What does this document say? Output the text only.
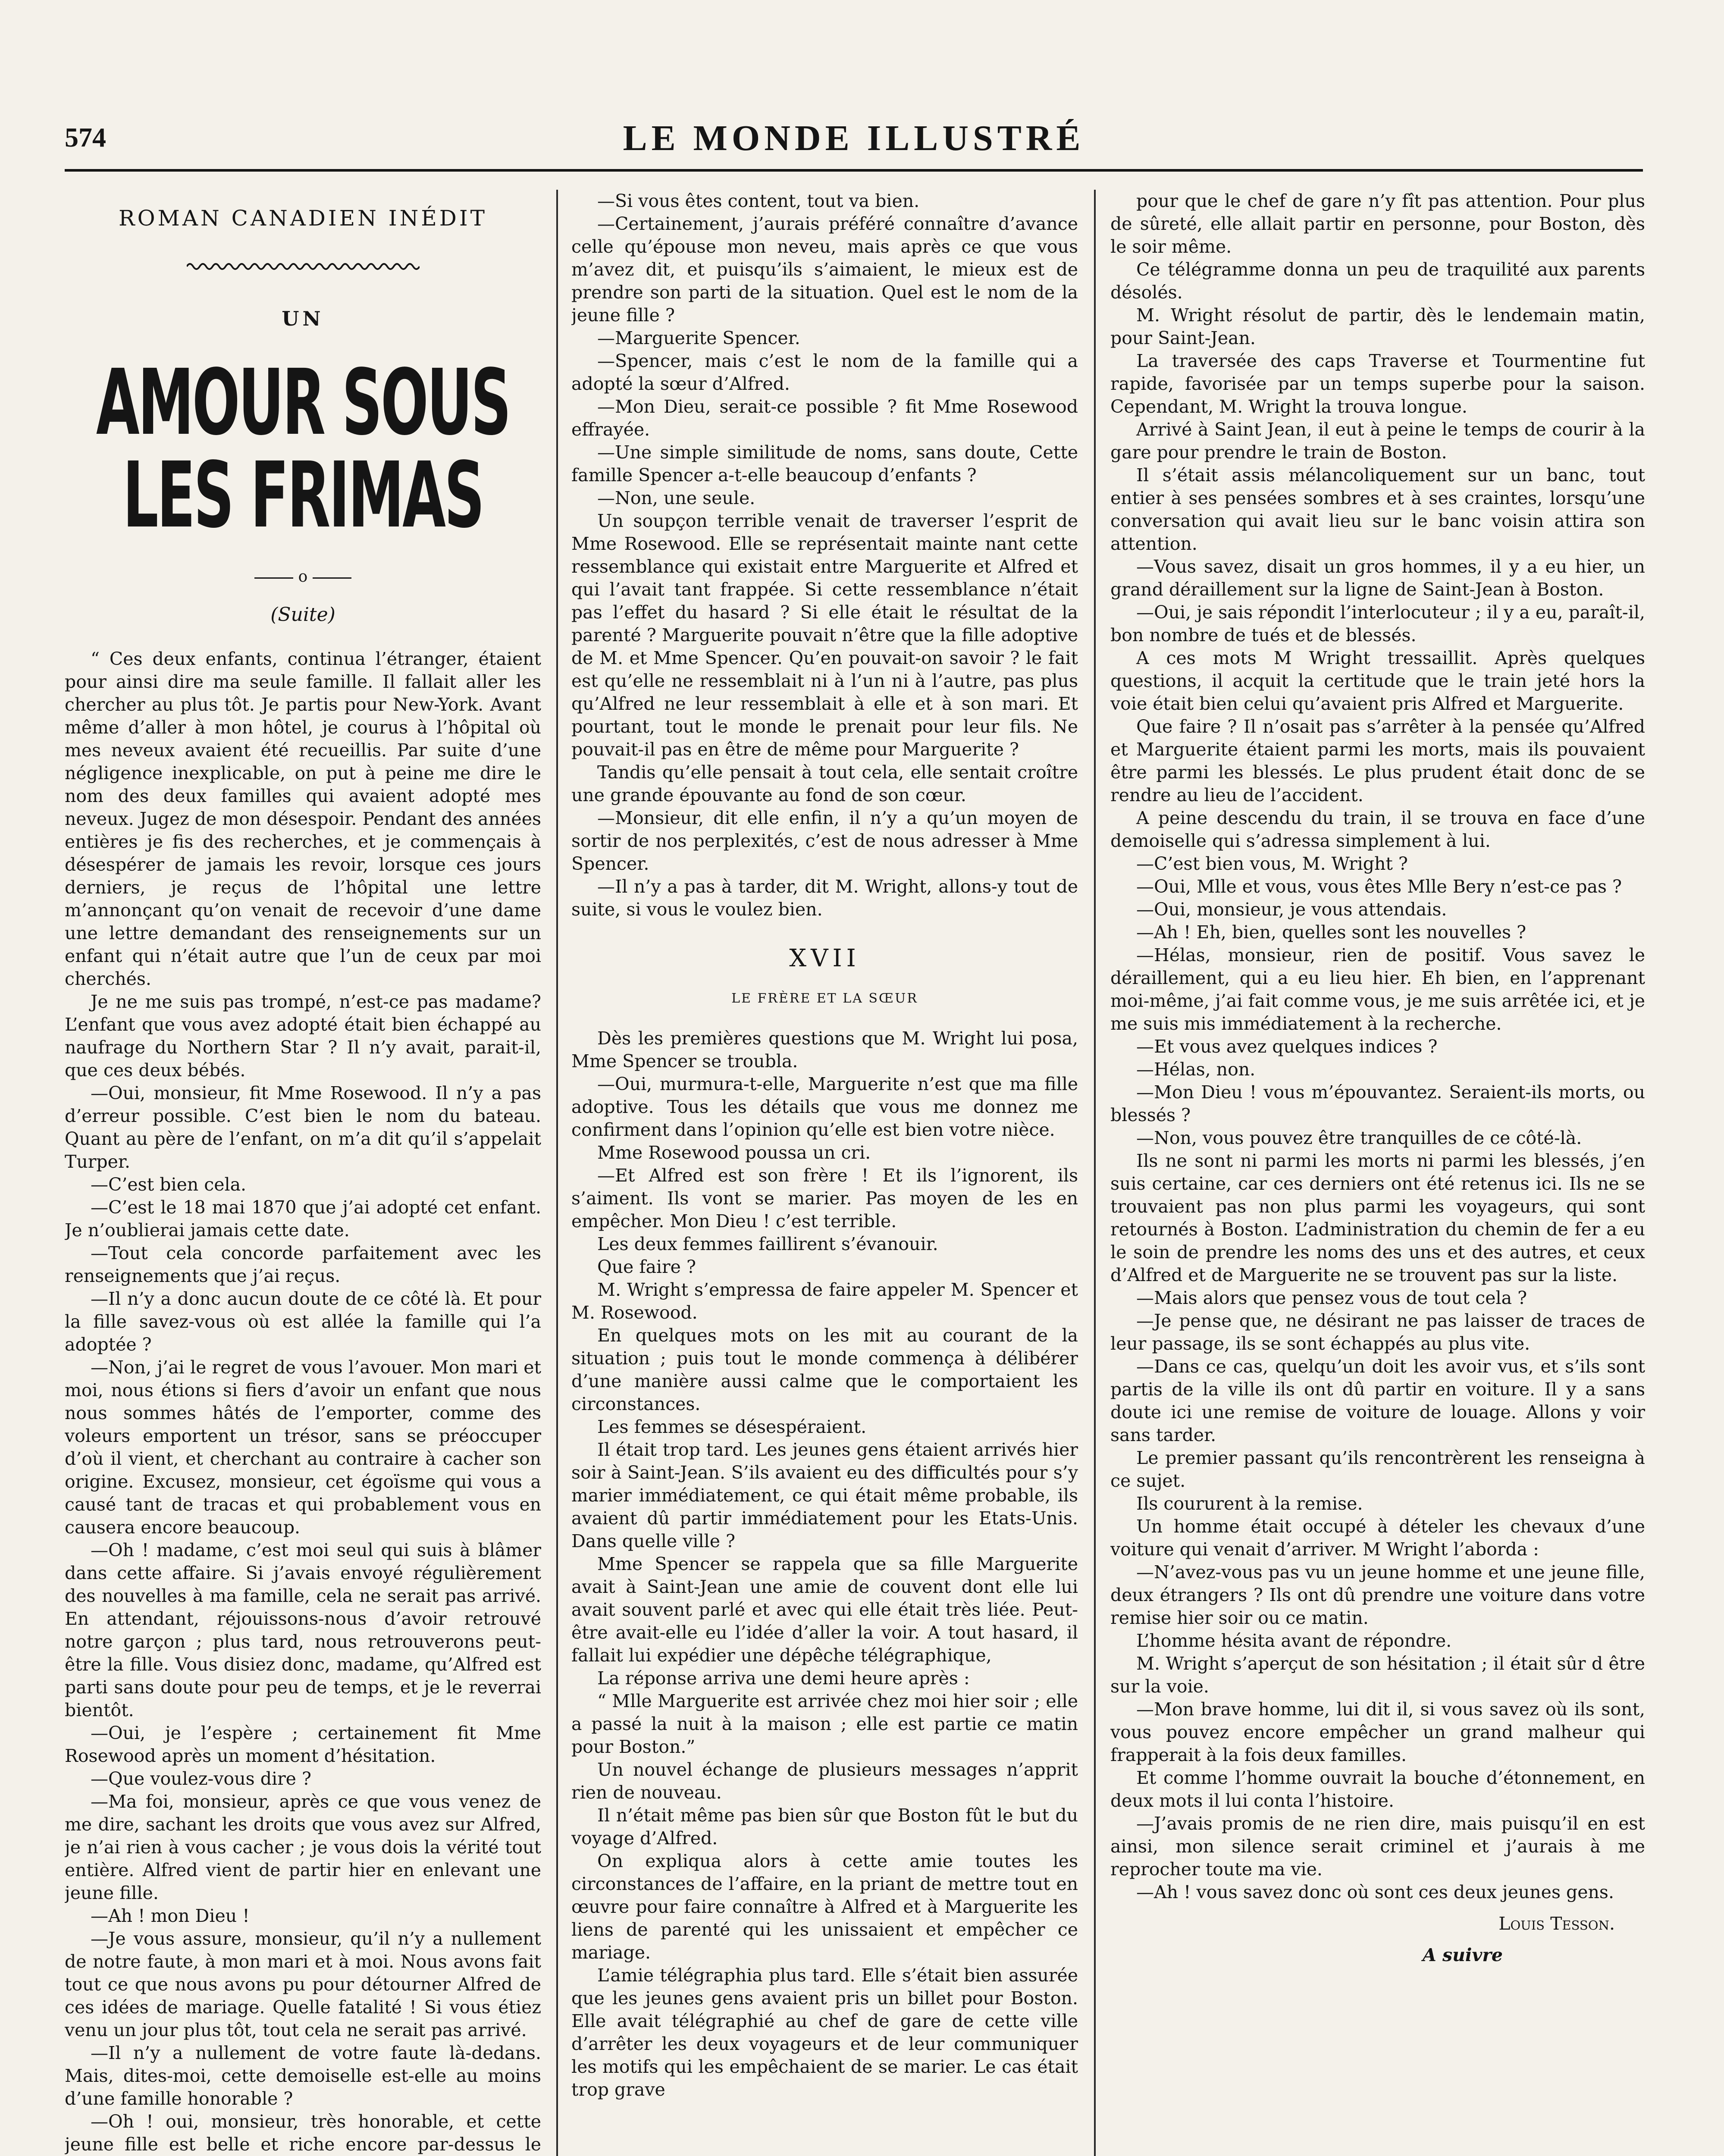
574	LE MONDE ILLUSTRÉ

ROMAN CANADIEN INÉDIT

UN

AMOUR SOUS LES FRIMAS

o

(Suite)

“ Ces deux enfants, continua l’étranger, étaient pour ainsi dire ma seule famille. Il fallait aller les chercher au plus tôt. Je partis pour New-York. Avant même d’aller à mon hôtel, je courus à l’hôpital où mes neveux avaient été recueillis. Par suite d’une négligence inexplicable, on put à peine me dire le nom des deux familles qui avaient adopté mes neveux. Jugez de mon désespoir. Pendant des années entières je fis des recherches, et je commençais à désespérer de jamais les revoir, lorsque ces jours derniers, je reçus de l’hôpital une lettre m’annonçant qu’on venait de recevoir d’une dame une lettre demandant des renseignements sur un enfant qui n’était autre que l’un de ceux par moi cherchés.

Je ne me suis pas trompé, n’est-ce pas madame? L’enfant que vous avez adopté était bien échappé au naufrage du Northern Star ? Il n’y avait, parait-il, que ces deux bébés.

—Oui, monsieur, fit Mme Rosewood. Il n’y a pas d’erreur possible. C’est bien le nom du bateau. Quant au père de l’enfant, on m’a dit qu’il s’appelait Turper.

—C’est bien cela.

—C’est le 18 mai 1870 que j’ai adopté cet enfant. Je n’oublierai jamais cette date.

—Tout cela concorde parfaitement avec les renseignements que j’ai reçus.

—Il n’y a donc aucun doute de ce côté là. Et pour la fille savez-vous où est allée la famille qui l’a adoptée ?

—Non, j’ai le regret de vous l’avouer. Mon mari et moi, nous étions si fiers d’avoir un enfant que nous nous sommes hâtés de l’emporter, comme des voleurs emportent un trésor, sans se préoccuper d’où il vient, et cherchant au contraire à cacher son origine. Excusez, monsieur, cet égoïsme qui vous a causé tant de tracas et qui probablement vous en causera encore beaucoup.

—Oh ! madame, c’est moi seul qui suis à blâmer dans cette affaire. Si j’avais envoyé régulièrement des nouvelles à ma famille, cela ne serait pas arrivé. En attendant, réjouissons-nous d’avoir retrouvé notre garçon ; plus tard, nous retrouverons peut-être la fille. Vous disiez donc, madame, qu’Alfred est parti sans doute pour peu de temps, et je le reverrai bientôt.

—Oui, je l’espère ; certainement fit Mme Rosewood après un moment d’hésitation.

—Que voulez-vous dire ?

—Ma foi, monsieur, après ce que vous venez de me dire, sachant les droits que vous avez sur Alfred, je n’ai rien à vous cacher ; je vous dois la vérité tout entière. Alfred vient de partir hier en enlevant une jeune fille.

—Ah ! mon Dieu !

—Je vous assure, monsieur, qu’il n’y a nullement de notre faute, à mon mari et à moi. Nous avons fait tout ce que nous avons pu pour détourner Alfred de ces idées de mariage. Quelle fatalité ! Si vous étiez venu un jour plus tôt, tout cela ne serait pas arrivé.

—Il n’y a nullement de votre faute là-dedans. Mais, dites-moi, cette demoiselle est-elle au moins d’une famille honorable ?

—Oh ! oui, monsieur, très honorable, et cette jeune fille est belle et riche encore par-dessus le

—Si vous êtes content, tout va bien.

—Certainement, j’aurais préféré connaître d’avance celle qu’épouse mon neveu, mais après ce que vous m’avez dit, et puisqu’ils s’aimaient, le mieux est de prendre son parti de la situation. Quel est le nom de la jeune fille ?

—Marguerite Spencer.

—Spencer, mais c’est le nom de la famille qui a adopté la sœur d’Alfred.

—Mon Dieu, serait-ce possible ? fit Mme Rosewood effrayée.

—Une simple similitude de noms, sans doute, Cette famille Spencer a-t-elle beaucoup d’enfants ?

—Non, une seule.

Un soupçon terrible venait de traverser l’esprit de Mme Rosewood. Elle se représentait mainte nant cette ressemblance qui existait entre Marguerite et Alfred et qui l’avait tant frappée. Si cette ressemblance n’était pas l’effet du hasard ? Si elle était le résultat de la parenté ? Marguerite pouvait n’être que la fille adoptive de M. et Mme Spencer. Qu’en pouvait-on savoir ? le fait est qu’elle ne ressemblait ni à l’un ni à l’autre, pas plus qu’Alfred ne leur ressemblait à elle et à son mari. Et pourtant, tout le monde le prenait pour leur fils. Ne pouvait-il pas en être de même pour Marguerite ?

Tandis qu’elle pensait à tout cela, elle sentait croître une grande épouvante au fond de son cœur.

—Monsieur, dit elle enfin, il n’y a qu’un moyen de sortir de nos perplexités, c’est de nous adresser à Mme Spencer.

—Il n’y a pas à tarder, dit M. Wright, allons-y tout de suite, si vous le voulez bien.

XVII

LE FRÈRE ET LA SŒUR

Dès les premières questions que M. Wright lui posa, Mme Spencer se troubla.

—Oui, murmura-t-elle, Marguerite n’est que ma fille adoptive. Tous les détails que vous me donnez me confirment dans l’opinion qu’elle est bien votre nièce.

Mme Rosewood poussa un cri.

—Et Alfred est son frère ! Et ils l’ignorent, ils s’aiment. Ils vont se marier. Pas moyen de les en empêcher. Mon Dieu ! c’est terrible.

Les deux femmes faillirent s’évanouir.

Que faire ?

M. Wright s’empressa de faire appeler M. Spencer et M. Rosewood.

En quelques mots on les mit au courant de la situation ; puis tout le monde commença à délibérer d’une manière aussi calme que le comportaient les circonstances.

Les femmes se désespéraient.

Il était trop tard. Les jeunes gens étaient arrivés hier soir à Saint-Jean. S’ils avaient eu des difficultés pour s’y marier immédiatement, ce qui était même probable, ils avaient dû partir immédiatement pour les Etats-Unis. Dans quelle ville ?

Mme Spencer se rappela que sa fille Marguerite avait à Saint-Jean une amie de couvent dont elle lui avait souvent parlé et avec qui elle était très liée. Peut-être avait-elle eu l’idée d’aller la voir. A tout hasard, il fallait lui expédier une dépêche télégraphique,

La réponse arriva une demi heure après :

“ Mlle Marguerite est arrivée chez moi hier soir ; elle a passé la nuit à la maison ; elle est partie ce matin pour Boston.”

Un nouvel échange de plusieurs messages n’apprit rien de nouveau.

Il n’était même pas bien sûr que Boston fût le but du voyage d’Alfred.

On expliqua alors à cette amie toutes les circonstances de l’affaire, en la priant de mettre tout en œuvre pour faire connaître à Alfred et à Marguerite les liens de parenté qui les unissaient et empêcher ce mariage.

L’amie télégraphia plus tard. Elle s’était bien assurée que les jeunes gens avaient pris un billet pour Boston. Elle avait télégraphié au chef de gare de cette ville d’arrêter les deux voyageurs et de leur communiquer les motifs qui les empêchaient de se marier. Le cas était trop grave

pour que le chef de gare n’y fît pas attention. Pour plus de sûreté, elle allait partir en personne, pour Boston, dès le soir même.

Ce télégramme donna un peu de traquilité aux parents désolés.

M. Wright résolut de partir, dès le lendemain matin, pour Saint-Jean.

La traversée des caps Traverse et Tourmentine fut rapide, favorisée par un temps superbe pour la saison. Cependant, M. Wright la trouva longue.

Arrivé à Saint Jean, il eut à peine le temps de courir à la gare pour prendre le train de Boston.

Il s’était assis mélancoliquement sur un banc, tout entier à ses pensées sombres et à ses craintes, lorsqu’une conversation qui avait lieu sur le banc voisin attira son attention.

—Vous savez, disait un gros hommes, il y a eu hier, un grand déraillement sur la ligne de Saint-Jean à Boston.

—Oui, je sais répondit l’interlocuteur ; il y a eu, paraît-il, bon nombre de tués et de blessés.

A ces mots M Wright tressaillit. Après quelques questions, il acquit la certitude que le train jeté hors la voie était bien celui qu’avaient pris Alfred et Marguerite.

Que faire ? Il n’osait pas s’arrêter à la pensée qu’Alfred et Marguerite étaient parmi les morts, mais ils pouvaient être parmi les blessés. Le plus prudent était donc de se rendre au lieu de l’accident.

A peine descendu du train, il se trouva en face d’une demoiselle qui s’adressa simplement à lui.

—C’est bien vous, M. Wright ?

—Oui, Mlle et vous, vous êtes Mlle Bery n’est-ce pas ?

—Oui, monsieur, je vous attendais.

—Ah ! Eh, bien, quelles sont les nouvelles ?

—Hélas, monsieur, rien de positif. Vous savez le déraillement, qui a eu lieu hier. Eh bien, en l’apprenant moi-même, j’ai fait comme vous, je me suis arrêtée ici, et je me suis mis immédiatement à la recherche.

—Et vous avez quelques indices ?

—Hélas, non.

—Mon Dieu ! vous m’épouvantez. Seraient-ils morts, ou blessés ?

—Non, vous pouvez être tranquilles de ce côté-là.

Ils ne sont ni parmi les morts ni parmi les blessés, j’en suis certaine, car ces derniers ont été retenus ici. Ils ne se trouvaient pas non plus parmi les voyageurs, qui sont retournés à Boston. L’administration du chemin de fer a eu le soin de prendre les noms des uns et des autres, et ceux d’Alfred et de Marguerite ne se trouvent pas sur la liste.

—Mais alors que pensez vous de tout cela ?

—Je pense que, ne désirant ne pas laisser de traces de leur passage, ils se sont échappés au plus vite.

—Dans ce cas, quelqu’un doit les avoir vus, et s’ils sont partis de la ville ils ont dû partir en voiture. Il y a sans doute ici une remise de voiture de louage. Allons y voir sans tarder.

Le premier passant qu’ils rencontrèrent les renseigna à ce sujet.

Ils coururent à la remise.

Un homme était occupé à dételer les chevaux d’une voiture qui venait d’arriver. M Wright l’aborda :

—N’avez-vous pas vu un jeune homme et une jeune fille, deux étrangers ? Ils ont dû prendre une voiture dans votre remise hier soir ou ce matin.

L’homme hésita avant de répondre.

M. Wright s’aperçut de son hésitation ; il était sûr d être sur la voie.

—Mon brave homme, lui dit il, si vous savez où ils sont, vous pouvez encore empêcher un grand malheur qui frapperait à la fois deux familles.

Et comme l’homme ouvrait la bouche d’étonnement, en deux mots il lui conta l’histoire.

—J’avais promis de ne rien dire, mais puisqu’il en est ainsi, mon silence serait criminel et j’aurais à me reprocher toute ma vie.

—Ah ! vous savez donc où sont ces deux jeunes gens.

Louis Tesson.

A suivre
